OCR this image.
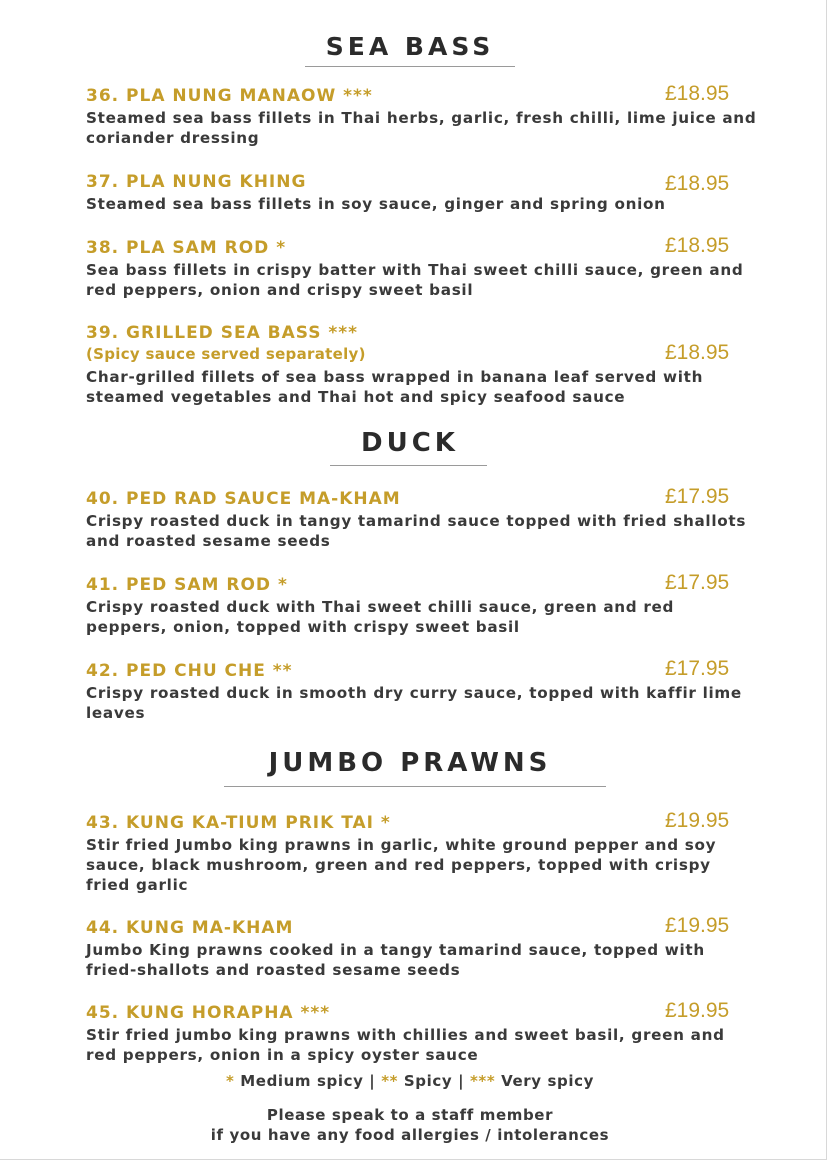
SEA BASS
36. PLA NUNG MANAOW ***	£18.95
Steamed sea bass fillets in Thai herbs, garlic, fresh chilli, lime juice and coriander dressing
37. PLA NUNG KHING	£18.95
Steamed sea bass fillets in soy sauce, ginger and spring onion
38. PLA SAM ROD *	£18.95
Sea bass fillets in crispy batter with Thai sweet chilli sauce, green and red peppers, onion and crispy sweet basil
39. GRILLED SEA BASS ***
(Spicy sauce served separately)	£18.95
Char-grilled fillets of sea bass wrapped in banana leaf served with steamed vegetables and Thai hot and spicy seafood sauce
DUCK
40. PED RAD SAUCE MA-KHAM	£17.95
Crispy roasted duck in tangy tamarind sauce topped with fried shallots and roasted sesame seeds
41. PED SAM ROD *	£17.95
Crispy roasted duck with Thai sweet chilli sauce, green and red peppers, onion, topped with crispy sweet basil
42. PED CHU CHE **	£17.95
Crispy roasted duck in smooth dry curry sauce, topped with kaffir lime leaves
JUMBO PRAWNS
43. KUNG KA-TIUM PRIK TAI *	£19.95
Stir fried Jumbo king prawns in garlic, white ground pepper and soy sauce, black mushroom, green and red peppers, topped with crispy fried garlic
44. KUNG MA-KHAM	£19.95
Jumbo King prawns cooked in a tangy tamarind sauce, topped with fried-shallots and roasted sesame seeds
45. KUNG HORAPHA ***	£19.95
Stir fried jumbo king prawns with chillies and sweet basil, green and red peppers, onion in a spicy oyster sauce
* Medium spicy | ** Spicy | *** Very spicy
Please speak to a staff member
if you have any food allergies / intolerances
